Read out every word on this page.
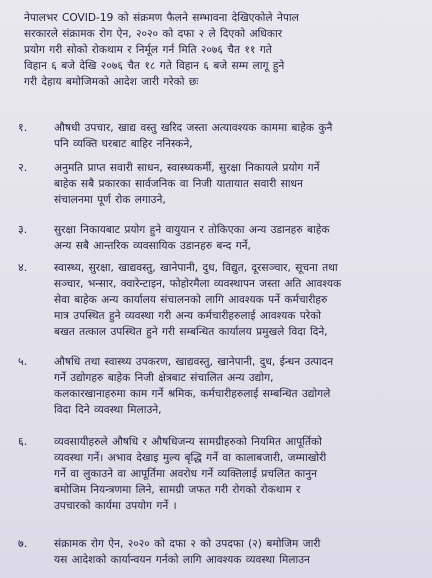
नेपालभर COVID-19 को संक्रमण फैलने सम्भावना देखिएकोले नेपाल
सरकारले संक्रामक रोग ऐन, २०२० को दफा २ ले दिएको अधिकार
प्रयोग गरी सोको रोकथाम र निर्मूल गर्न मिति २०७६ चैत ११ गते
विहान ६ बजे देखि २०७६ चैत १८ गते विहान ६ बजे सम्म लागू हुने
गरी देहाय बमोजिमको आदेश जारी गरेको छः
१.	औषधी उपचार, खाद्य वस्तु खरिद जस्ता अत्यावश्यक काममा बाहेक कुनै
पनि व्यक्ति घरबाट बाहिर ननिस्कने,
२.	अनुमति प्राप्त सवारी साधन, स्वास्थ्यकर्मी, सुरक्षा निकायले प्रयोग गर्ने
बाहेक सबै प्रकारका सार्वजनिक वा निजी यातायात सवारी साधन
संचालनमा पूर्ण रोक लगाउने,
३.	सुरक्षा निकायबाट प्रयोग हुने वायुयान र तोकिएका अन्य उडानहरु बाहेक
अन्य सबै आन्तरिक व्यवसायिक उडानहरु बन्द गर्ने,
४.	स्वास्थ्य, सुरक्षा, खाद्यवस्तु, खानेपानी, दुध, विद्युत, दूरसञ्चार, सूचना तथा
सञ्चार, भन्सार, क्वारेन्टाइन, फोहोरमैला व्यवस्थापन जस्ता अति आवश्यक
सेवा बाहेक अन्य कार्यालय संचालनको लागि आवश्यक पर्ने कर्मचारीहरु
मात्र उपस्थित हुने व्यवस्था गरी अन्य कर्मचारीहरुलाई आवश्यक परेको
बखत तत्काल उपस्थित हुने गरी सम्बन्धित कार्यालय प्रमुखले विदा दिने,
५.	औषधि तथा स्वास्थ्य उपकरण, खाद्यवस्तु, खानेपानी, दुध, ईन्धन उत्पादन
गर्ने उद्योगहरु बाहेक निजी क्षेत्रबाट संचालित अन्य उद्योग,
कलकारखानाहरुमा काम गर्ने श्रमिक, कर्मचारीहरुलाई सम्बन्धित उद्योगले
विदा दिने व्यवस्था मिलाउने,
६.	व्यवसायीहरुले औषधि र औषधिजन्य सामग्रीहरुको नियमित आपूर्तिको
व्यवस्था गर्ने। अभाव देखाइ मुल्य बृद्धि गर्ने वा कालाबजारी, जम्माखोरी
गर्ने वा लुकाउने वा आपूर्तिमा अवरोध गर्ने व्यक्तिलाई प्रचलित कानुन
बमोजिम नियन्त्रणमा लिने, सामग्री जफत गरी रोगको रोकथाम र
उपचारको कार्यमा उपयोग गर्ने ।
७.	संक्रामक रोग ऐन, २०२० को दफा २ को उपदफा (२) बमोजिम जारी
यस आदेशको कार्यान्वयन गर्नको लागि आवश्यक व्यवस्था मिलाउन
